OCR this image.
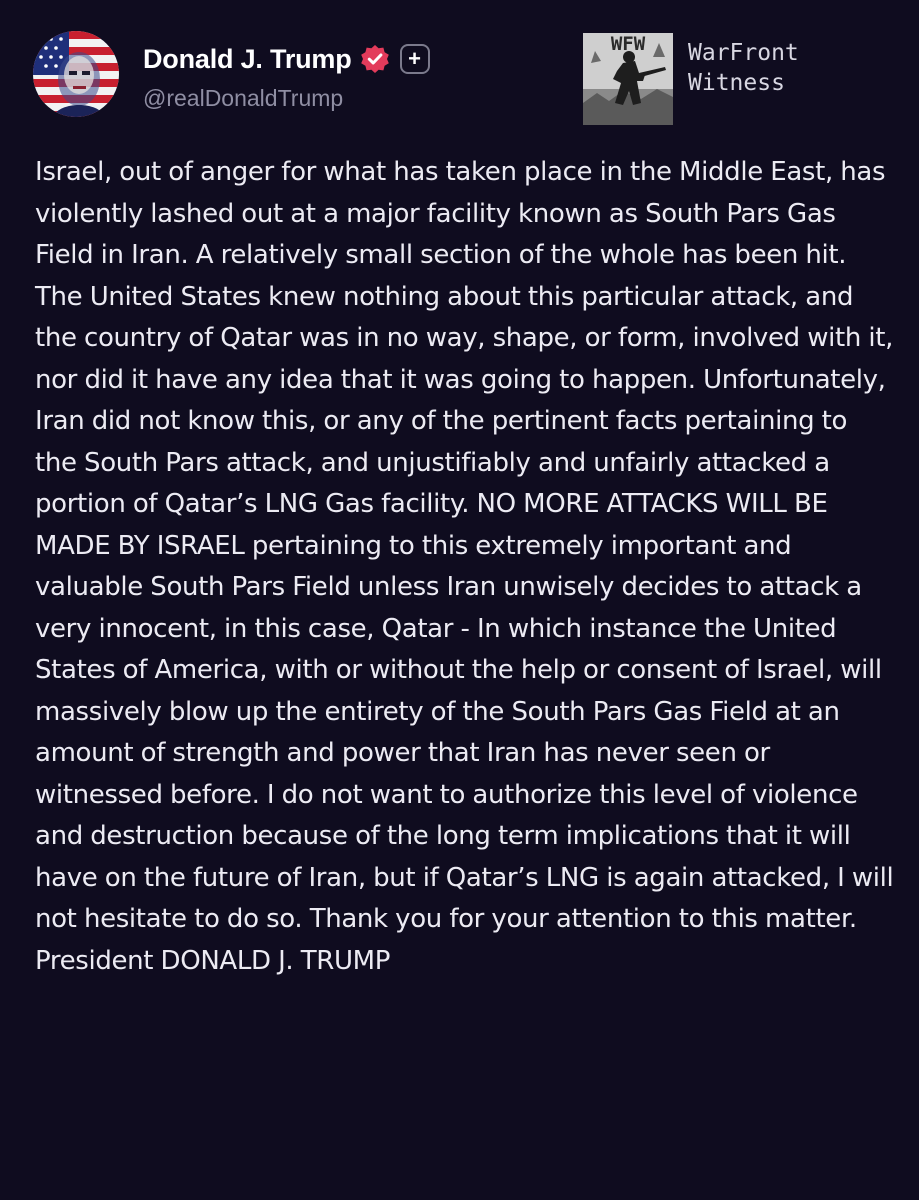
Donald J. Trump	+
@realDonaldTrump
WFW WarFront
Witness

Israel, out of anger for what has taken place in the Middle East, has violently lashed out at a major facility known as South Pars Gas Field in Iran. A relatively small section of the whole has been hit. The United States knew nothing about this particular attack, and the country of Qatar was in no way, shape, or form, involved with it, nor did it have any idea that it was going to happen. Unfortunately, Iran did not know this, or any of the pertinent facts pertaining to the South Pars attack, and unjustifiably and unfairly attacked a portion of Qatar’s LNG Gas facility. NO MORE ATTACKS WILL BE MADE BY ISRAEL pertaining to this extremely important and valuable South Pars Field unless Iran unwisely decides to attack a very innocent, in this case, Qatar - In which instance the United States of America, with or without the help or consent of Israel, will massively blow up the entirety of the South Pars Gas Field at an amount of strength and power that Iran has never seen or witnessed before. I do not want to authorize this level of violence and destruction because of the long term implications that it will have on the future of Iran, but if Qatar’s LNG is again attacked, I will not hesitate to do so. Thank you for your attention to this matter. President DONALD J. TRUMP
